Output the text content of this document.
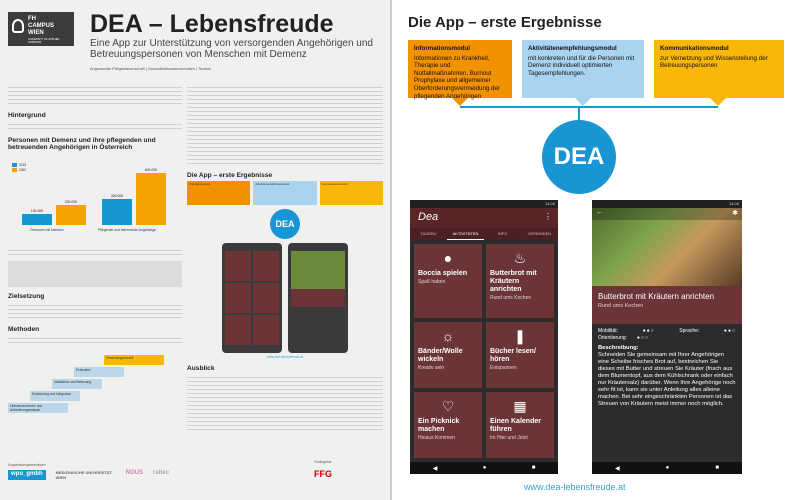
FH
CAMPUS
WIEN
UNIVERSITY OF APPLIED SCIENCES
DEA – Lebensfreude
Eine App zur Unterstützung von versorgenden Angehörigen und Betreuungspersonen von Menschen mit Demenz
Angewandte Pflegewissenschaft | Gesundheitswissenschaften | Technik
Hintergrund
Personen mit Demenz und ihre pflegenden und betreuenden Angehörigen in Österreich
2018
2050
Personen mit Demenz	Pflegende und betreuende Angehörige
130.000
230.000
300.000
600.000
Zielsetzung
Methoden
Literaturrecherche und Anforderungsanalyse
Entwicklung und Integration
Installation und Betreuung
Evaluation
Verwertungsmodell
Die App – erste Ergebnisse
Informationsmodul	Aktivitätenempfehlungsmodul	Kommunikationsmodul
DEA
www.dea-lebensfreude.at
Ausblick
Kooperationspartner/innen
wpu_gmbh	MEDIZINISCHE UNIVERSITÄT WIEN
NOUS raltec
Fördergeber
FFG
Die App – erste Ergebnisse
Informationsmodul
Informationen zu Krankheit, Therapie und Notfallmaßnahmen, Burnout Prophylaxe und allgemeiner Überforderungsvermeidung der pflegenden Angehörigen
Aktivitätenempfehlungsmodul
mit konkreten und für die Personen mit Demenz individuell optimierten Tagesempfehlungen.
Kommunikationsmodul
zur Vernetzung und Wissensteilung der Betreuungspersonen
DEA
11:04
Dea	⋮
TAGEBU	AKTIVITÄTEN	INFO	VERBINDEN
●
Boccia spielen
Spaß haben
♨
Butterbrot mit Kräutern anrichten
Rund ums Kochen
☼
Bänder/Wolle wickeln
Kreativ sein
❚
Bücher lesen/ hören
Entspannen
♡
Ein Picknick machen
Hinaus Kommen
▦
Einen Kalender führen
Im Hier und Jetzt
◀	●	■
11:04
←	✱
Butterbrot mit Kräutern anrichten
Rund ums Kochen
Mobilität:	●●○	Sprache:	●●○
Orientierung: ●○○
Beschreibung:
Schneiden Sie gemeinsam mit Ihrer Angehörigen eine Scheibe frisches Brot auf, bestreichen Sie dieses mit Butter und streuen Sie Kräuter (frisch aus dem Blumentopf, aus dem Kühlschrank oder einfach nur Kräutersalz) darüber. Wenn Ihre Angehörige noch sehr fit ist, kann sie unter Anleitung alles alleine machen. Bei sehr eingeschränkten Personen ist das Streuen von Kräutern meist immer noch möglich.
◀	●	■
www.dea-lebensfreude.at
